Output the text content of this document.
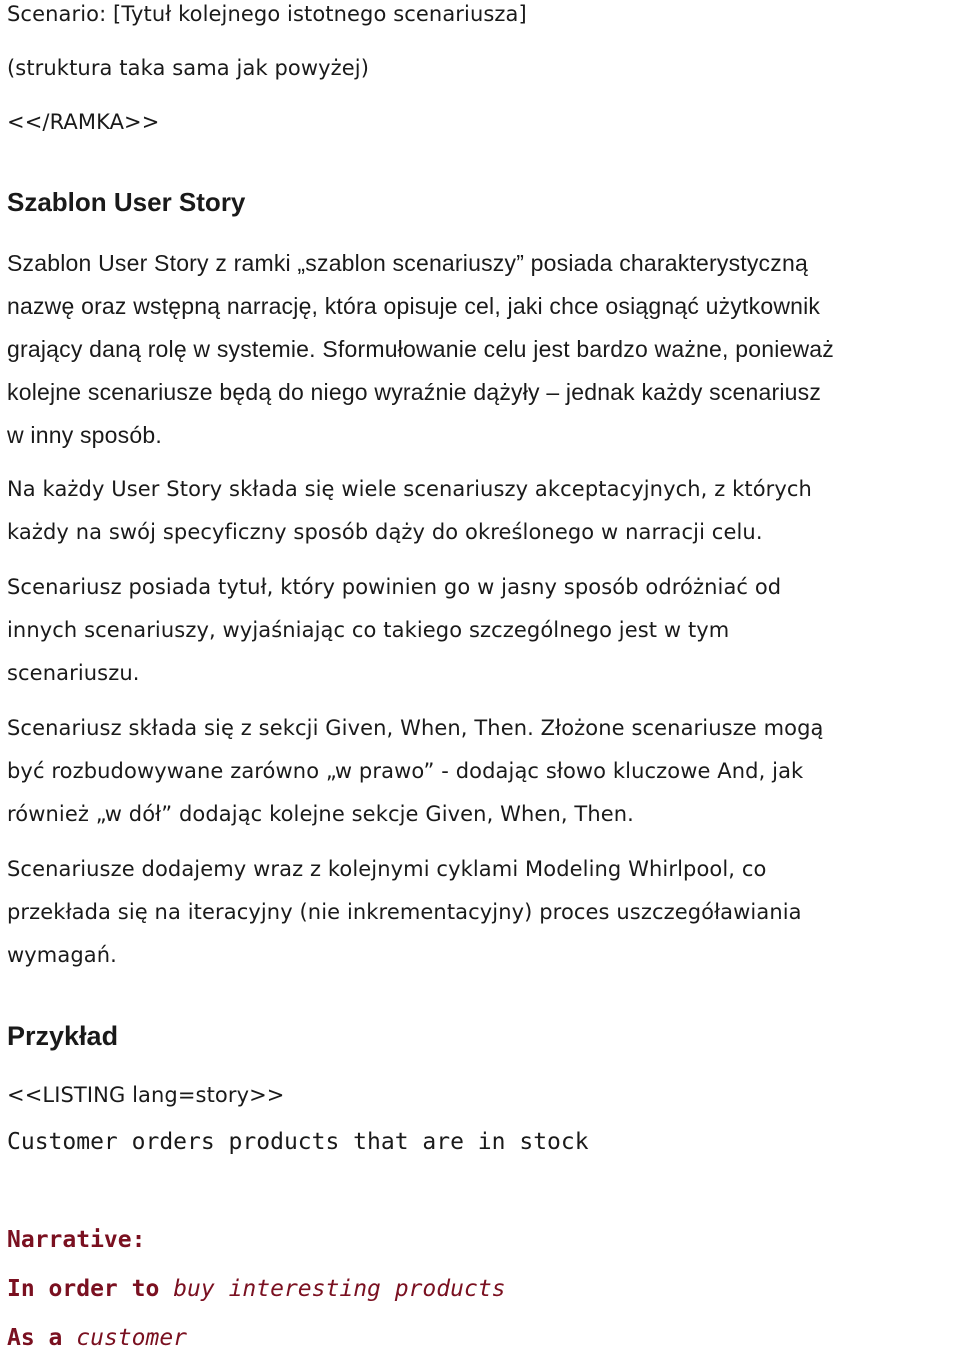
Scenario: [Tytuł kolejnego istotnego scenariusza]
(struktura taka sama jak powyżej)
<</RAMKA>>
Szablon User Story
Szablon User Story z ramki „szablon scenariuszy” posiada charakterystyczną
nazwę oraz wstępną narrację, która opisuje cel, jaki chce osiągnąć użytkownik
grający daną rolę w systemie. Sformułowanie celu jest bardzo ważne, ponieważ
kolejne scenariusze będą do niego wyraźnie dążyły – jednak każdy scenariusz
w inny sposób.
Na każdy User Story składa się wiele scenariuszy akceptacyjnych, z których
każdy na swój specyficzny sposób dąży do określonego w narracji celu.
Scenariusz posiada tytuł, który powinien go w jasny sposób odróżniać od
innych scenariuszy, wyjaśniając co takiego szczególnego jest w tym
scenariuszu.
Scenariusz składa się z sekcji Given, When, Then. Złożone scenariusze mogą
być rozbudowywane zarówno „w prawo” - dodając słowo kluczowe And, jak
również „w dół” dodając kolejne sekcje Given, When, Then.
Scenariusze dodajemy wraz z kolejnymi cyklami Modeling Whirlpool, co
przekłada się na iteracyjny (nie inkrementacyjny) proces uszczegóławiania
wymagań.
Przykład
<<LISTING lang=story>>
Customer orders products that are in stock
Narrative:
In order to buy interesting products
As a customer
